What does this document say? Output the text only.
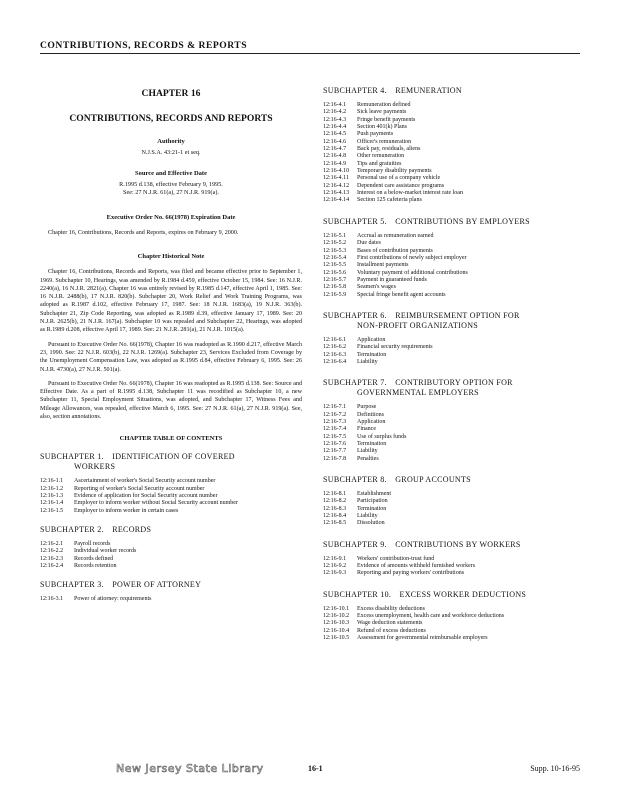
CONTRIBUTIONS, RECORDS & REPORTS

CHAPTER 16

CONTRIBUTIONS, RECORDS AND REPORTS

Authority

N.J.S.A. 43:21-1 et seq.

Source and Effective Date

R.1995 d.138, effective February 9, 1995.

See: 27 N.J.R. 61(a), 27 N.J.R. 919(a).

Executive Order No. 66(1978) Expiration Date

Chapter 16, Contributions, Records and Reports, expires on February 9, 2000.

Chapter Historical Note

Chapter 16, Contributions, Records and Reports, was filed and became effective prior to September 1, 1969. Subchapter 10, Hearings, was amended by R.1984 d.459, effective October 15, 1984. See: 16 N.J.R. 2240(a), 16 N.J.R. 2821(a). Chapter 16 was entirely revised by R.1985 d.147, effective April 1, 1985. See: 16 N.J.R. 2488(b), 17 N.J.R. 820(b). Subchapter 20, Work Relief and Work Training Programs, was adopted as R.1987 d.102, effective February 17, 1987. See: 18 N.J.R. 1683(a), 19 N.J.R. 363(b). Subchapter 21, Zip Code Reporting, was adopted as R.1989 d.39, effective January 17, 1989. See: 20 N.J.R. 2625(b), 21 N.J.R. 167(a). Subchapter 10 was repealed and Subchapter 22, Hearings, was adopted as R.1989 d.208, effective April 17, 1989. See: 21 N.J.R. 281(a), 21 N.J.R. 1015(a).

Pursuant to Executive Order No. 66(1978), Chapter 16 was readopted as R.1990 d.217, effective March 23, 1990. See: 22 N.J.R. 603(b), 22 N.J.R. 1269(a). Subchapter 23, Services Excluded from Coverage by the Unemployment Compensation Law, was adopted as R.1995 d.84, effective February 6, 1995. See: 26 N.J.R. 4730(a), 27 N.J.R. 501(a).

Pursuant to Executive Order No. 66(1978), Chapter 16 was readopted as R.1995 d.138. See: Source and Effective Date. As a part of R.1995 d.138, Subchapter 11 was recodified as Subchapter 10, a new Subchapter 11, Special Employment Situations, was adopted, and Subchapter 17, Witness Fees and Mileage Allowances, was repealed, effective March 6, 1995. See: 27 N.J.R. 61(a), 27 N.J.R. 919(a). See, also, section annotations.

CHAPTER TABLE OF CONTENTS

SUBCHAPTER 1.  IDENTIFICATION OF COVERED
WORKERS

12:16-1.1	Ascertainment of worker's Social Security account number
12:16-1.2	Reporting of worker's Social Security account number
12:16-1.3	Evidence of application for Social Security account number
12:16-1.4	Employer to inform worker without Social Security account number
12:16-1.5	Employer to inform worker in certain cases

SUBCHAPTER 2.  RECORDS

12:16-2.1	Payroll records
12:16-2.2	Individual worker records
12:16-2.3	Records defined
12:16-2.4	Records retention

SUBCHAPTER 3.  POWER OF ATTORNEY

12:16-3.1	Power of attorney: requirements

SUBCHAPTER 4.  REMUNERATION

12:16-4.1	Remuneration defined
12:16-4.2	Sick leave payments
12:16-4.3	Fringe benefit payments
12:16-4.4	Section 401(k) Plans
12:16-4.5	Push payments
12:16-4.6	Officer's remuneration
12:16-4.7	Back pay, residuals, aliens
12:16-4.8	Other remuneration
12:16-4.9	Tips and gratuities
12:16-4.10	Temporary disability payments
12:16-4.11	Personal use of a company vehicle
12:16-4.12	Dependent care assistance programs
12:16-4.13	Interest on a below-market interest rate loan
12:16-4.14	Section 125 cafeteria plans

SUBCHAPTER 5.  CONTRIBUTIONS BY EMPLOYERS

12:16-5.1	Accrual as remuneration earned
12:16-5.2	Due dates
12:16-5.3	Bases of contribution payments
12:16-5.4	First contributions of newly subject employer
12:16-5.5	Installment payments
12:16-5.6	Voluntary payment of additional contributions
12:16-5.7	Payment in guaranteed funds
12:16-5.8	Seamen's wages
12:16-5.9	Special fringe benefit agent accounts

SUBCHAPTER 6.  REIMBURSEMENT OPTION FOR
NON-PROFIT ORGANIZATIONS

12:16-6.1	Application
12:16-6.2	Financial security requirements
12:16-6.3	Termination
12:16-6.4	Liability

SUBCHAPTER 7.  CONTRIBUTORY OPTION FOR
GOVERNMENTAL EMPLOYERS

12:16-7.1	Purpose
12:16-7.2	Definitions
12:16-7.3	Application
12:16-7.4	Finance
12:16-7.5	Use of surplus funds
12:16-7.6	Termination
12:16-7.7	Liability
12:16-7.8	Penalties

SUBCHAPTER 8.  GROUP ACCOUNTS

12:16-8.1	Establishment
12:16-8.2	Participation
12:16-8.3	Termination
12:16-8.4	Liability
12:16-8.5	Dissolution

SUBCHAPTER 9.  CONTRIBUTIONS BY WORKERS

12:16-9.1	Workers' contribution-trust fund
12:16-9.2	Evidence of amounts withheld furnished workers
12:16-9.3	Reporting and paying workers' contributions

SUBCHAPTER 10.  EXCESS WORKER DEDUCTIONS

12:16-10.1	Excess disability deductions
12:16-10.2	Excess unemployment, health care and workforce deductions
12:16-10.3	Wage deduction statements
12:16-10.4	Refund of excess deductions
12:16-10.5	Assessment for governmental reimbursable employers
New Jersey State Library	16-1	Supp. 10-16-95
